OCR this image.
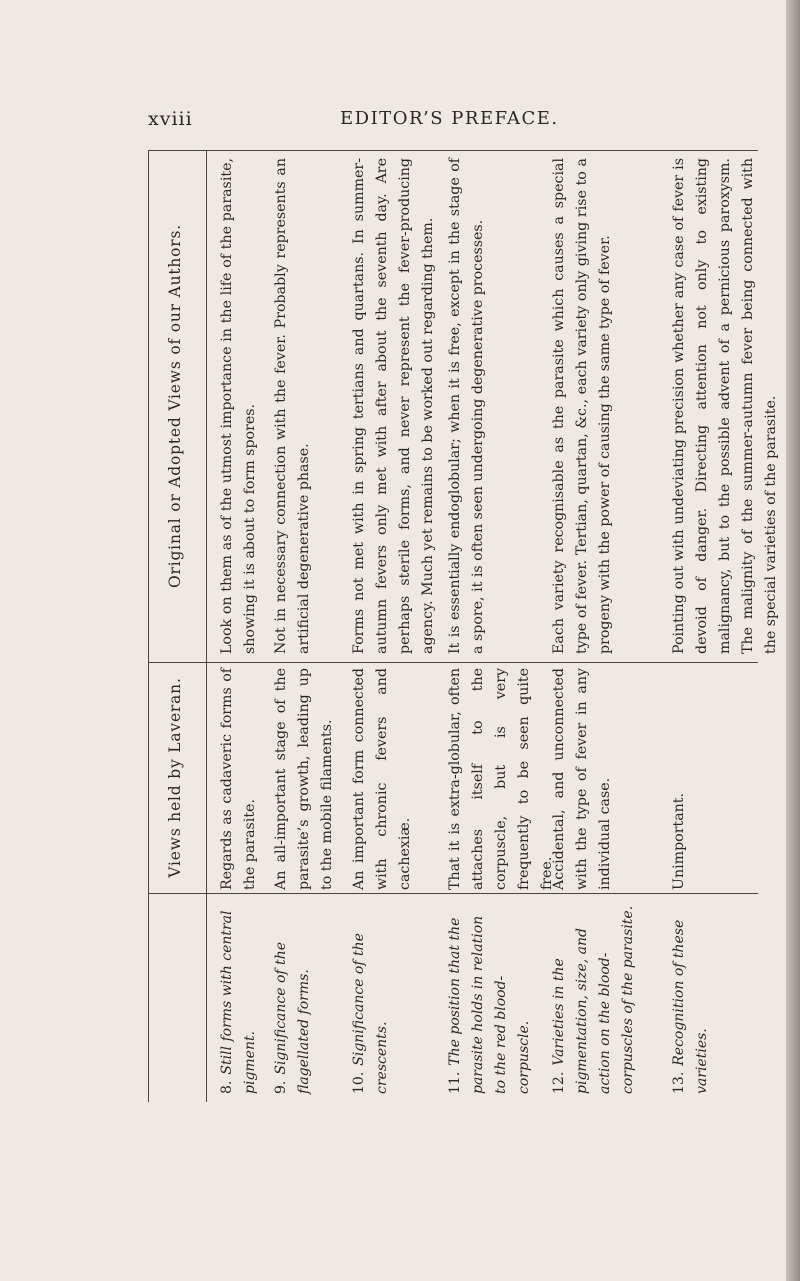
xviii	EDITOR’S PREFACE.
Original or Adopted Views of our Authors.
Views held by Laveran.
8.Still forms with central pigment.
Regards as cadaveric forms of the parasite.
Look on them as of the utmost importance in the life of the parasite, showing it is about to form spores.
9.Significance of the flagellated forms.
An all-important stage of the parasite’s growth, leading up to the mobile filaments.
Not in necessary connection with the fever. Probably represents an artificial degenerative phase.
10.Significance of the crescents.
An important form connected with chronic fevers and cachexiæ.
Forms not met with in spring tertians and quartans. In summer-autumn fevers only met with after about the seventh day. Are perhaps sterile forms, and never represent the fever-producing agency. Much yet remains to be worked out regarding them.
11.The position that the parasite holds in relation to the red blood-corpuscle.
That it is extra-globular, often attaches itself to the corpuscle, but is very frequently to be seen quite free.
It is essentially endoglobular; when it is free, except in the stage of a spore, it is often seen undergoing degenerative processes.
12.Varieties in the pigmentation, size, and action on the blood-corpuscles of the parasite.
Accidental, and unconnected with the type of fever in any individual case.
Each variety recognisable as the parasite which causes a special type of fever. Tertian, quartan, &c., each variety only giving rise to a progeny with the power of causing the same type of fever.
13.Recognition of these varieties.
Unimportant.
Pointing out with undeviating precision whether any case of fever is devoid of danger. Directing attention not only to existing malignancy, but to the possible advent of a pernicious paroxysm. The malignity of the summer-autumn fever being connected with the special varieties of the parasite.
